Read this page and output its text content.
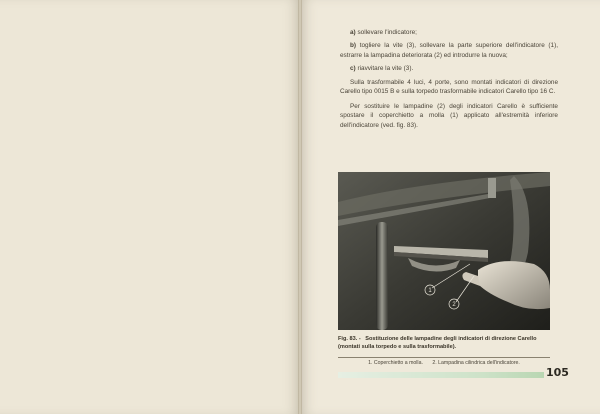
a) sollevare l'indicatore;

b) togliere la vite (3), sollevare la parte superiore dell'indicatore (1), estrarre la lampadina deteriorata (2) ed introdurre la nuova;

c) riavvitare la vite (3).

Sulla trasformabile 4 luci, 4 porte, sono montati indicatori di direzione Carello tipo 0015 B e sulla torpedo trasformabile indicatori Carello tipo 16 C.

Per sostituire le lampadine (2) degli indicatori Carello è sufficiente spostare il coperchietto a molla (1) applicato all'estremità inferiore dell'indicatore (ved. fig. 83).

1
2
Fig. 83. - Sostituzione delle lampadine degli indicatori di direzione Carello (montati sulla torpedo e sulla trasformabile).
1. Coperchietto a molla. 2. Lampadina cilindrica dell'indicatore.
105
